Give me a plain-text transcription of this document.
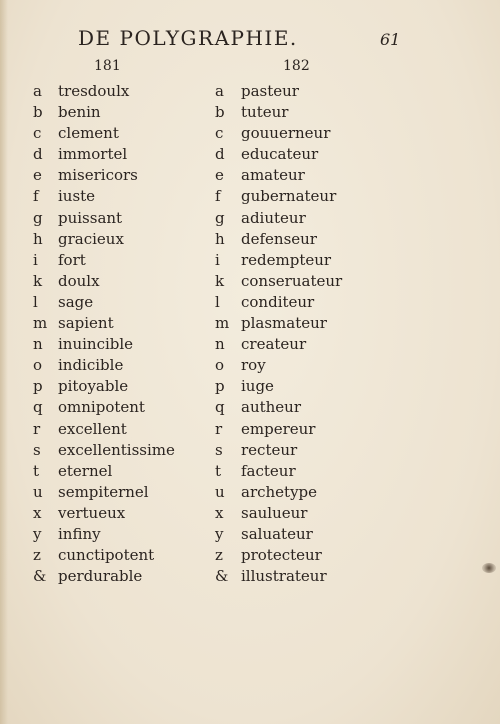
DE POLYGRAPHIE.	61
181	182
a tresdoulx	a pasteur
b benin	b tuteur
c clement	c gouuerneur
d immortel	d educateur
e misericors	e amateur
f iuste	f gubernateur
g puissant	g adiuteur
h gracieux	h defenseur
i fort	i redempteur
k doulx	k conseruateur
l sage	l conditeur
m sapient	m plasmateur
n inuincible	n createur
o indicible	o roy
p pitoyable	p iuge
q omnipotent	q autheur
r excellent	r empereur
s excellentissime	s recteur
t eternel	t facteur
u sempiternel	u archetype
x vertueux	x saulueur
y infiny	y saluateur
z cunctipotent	z protecteur
& perdurable	& illustrateur
